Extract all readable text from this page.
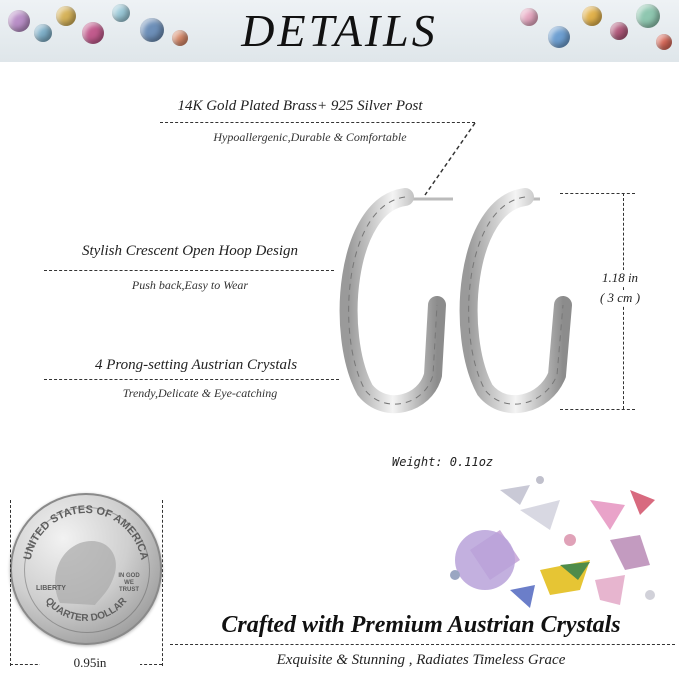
DETAILS
14K Gold Plated Brass+ 925 Silver Post
Hypoallergenic,Durable & Comfortable
Stylish Crescent Open Hoop Design
Push back,Easy to Wear
4 Prong-setting Austrian Crystals
Trendy,Delicate & Eye-catching
1.18 in
( 3 cm )
Weight: 0.11oz
UNITED STATES OF AMERICA
QUARTER DOLLAR
LIBERTY
IN GOD WE TRUST
0.95in
Crafted with Premium Austrian Crystals
Exquisite & Stunning , Radiates Timeless Grace
